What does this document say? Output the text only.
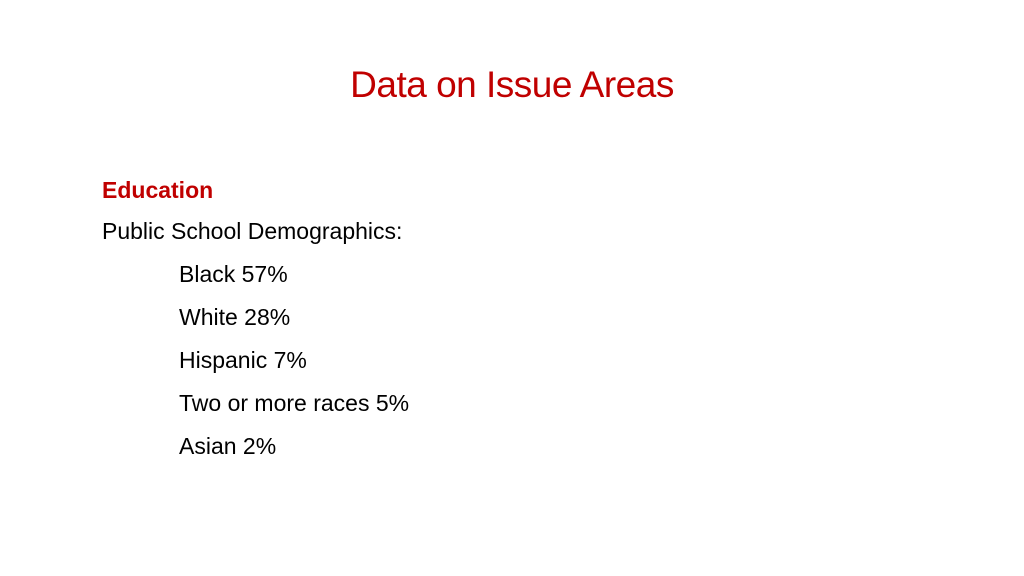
Data on Issue Areas
Education
Public School Demographics:
Black 57%
White 28%
Hispanic 7%
Two or more races 5%
Asian 2%
